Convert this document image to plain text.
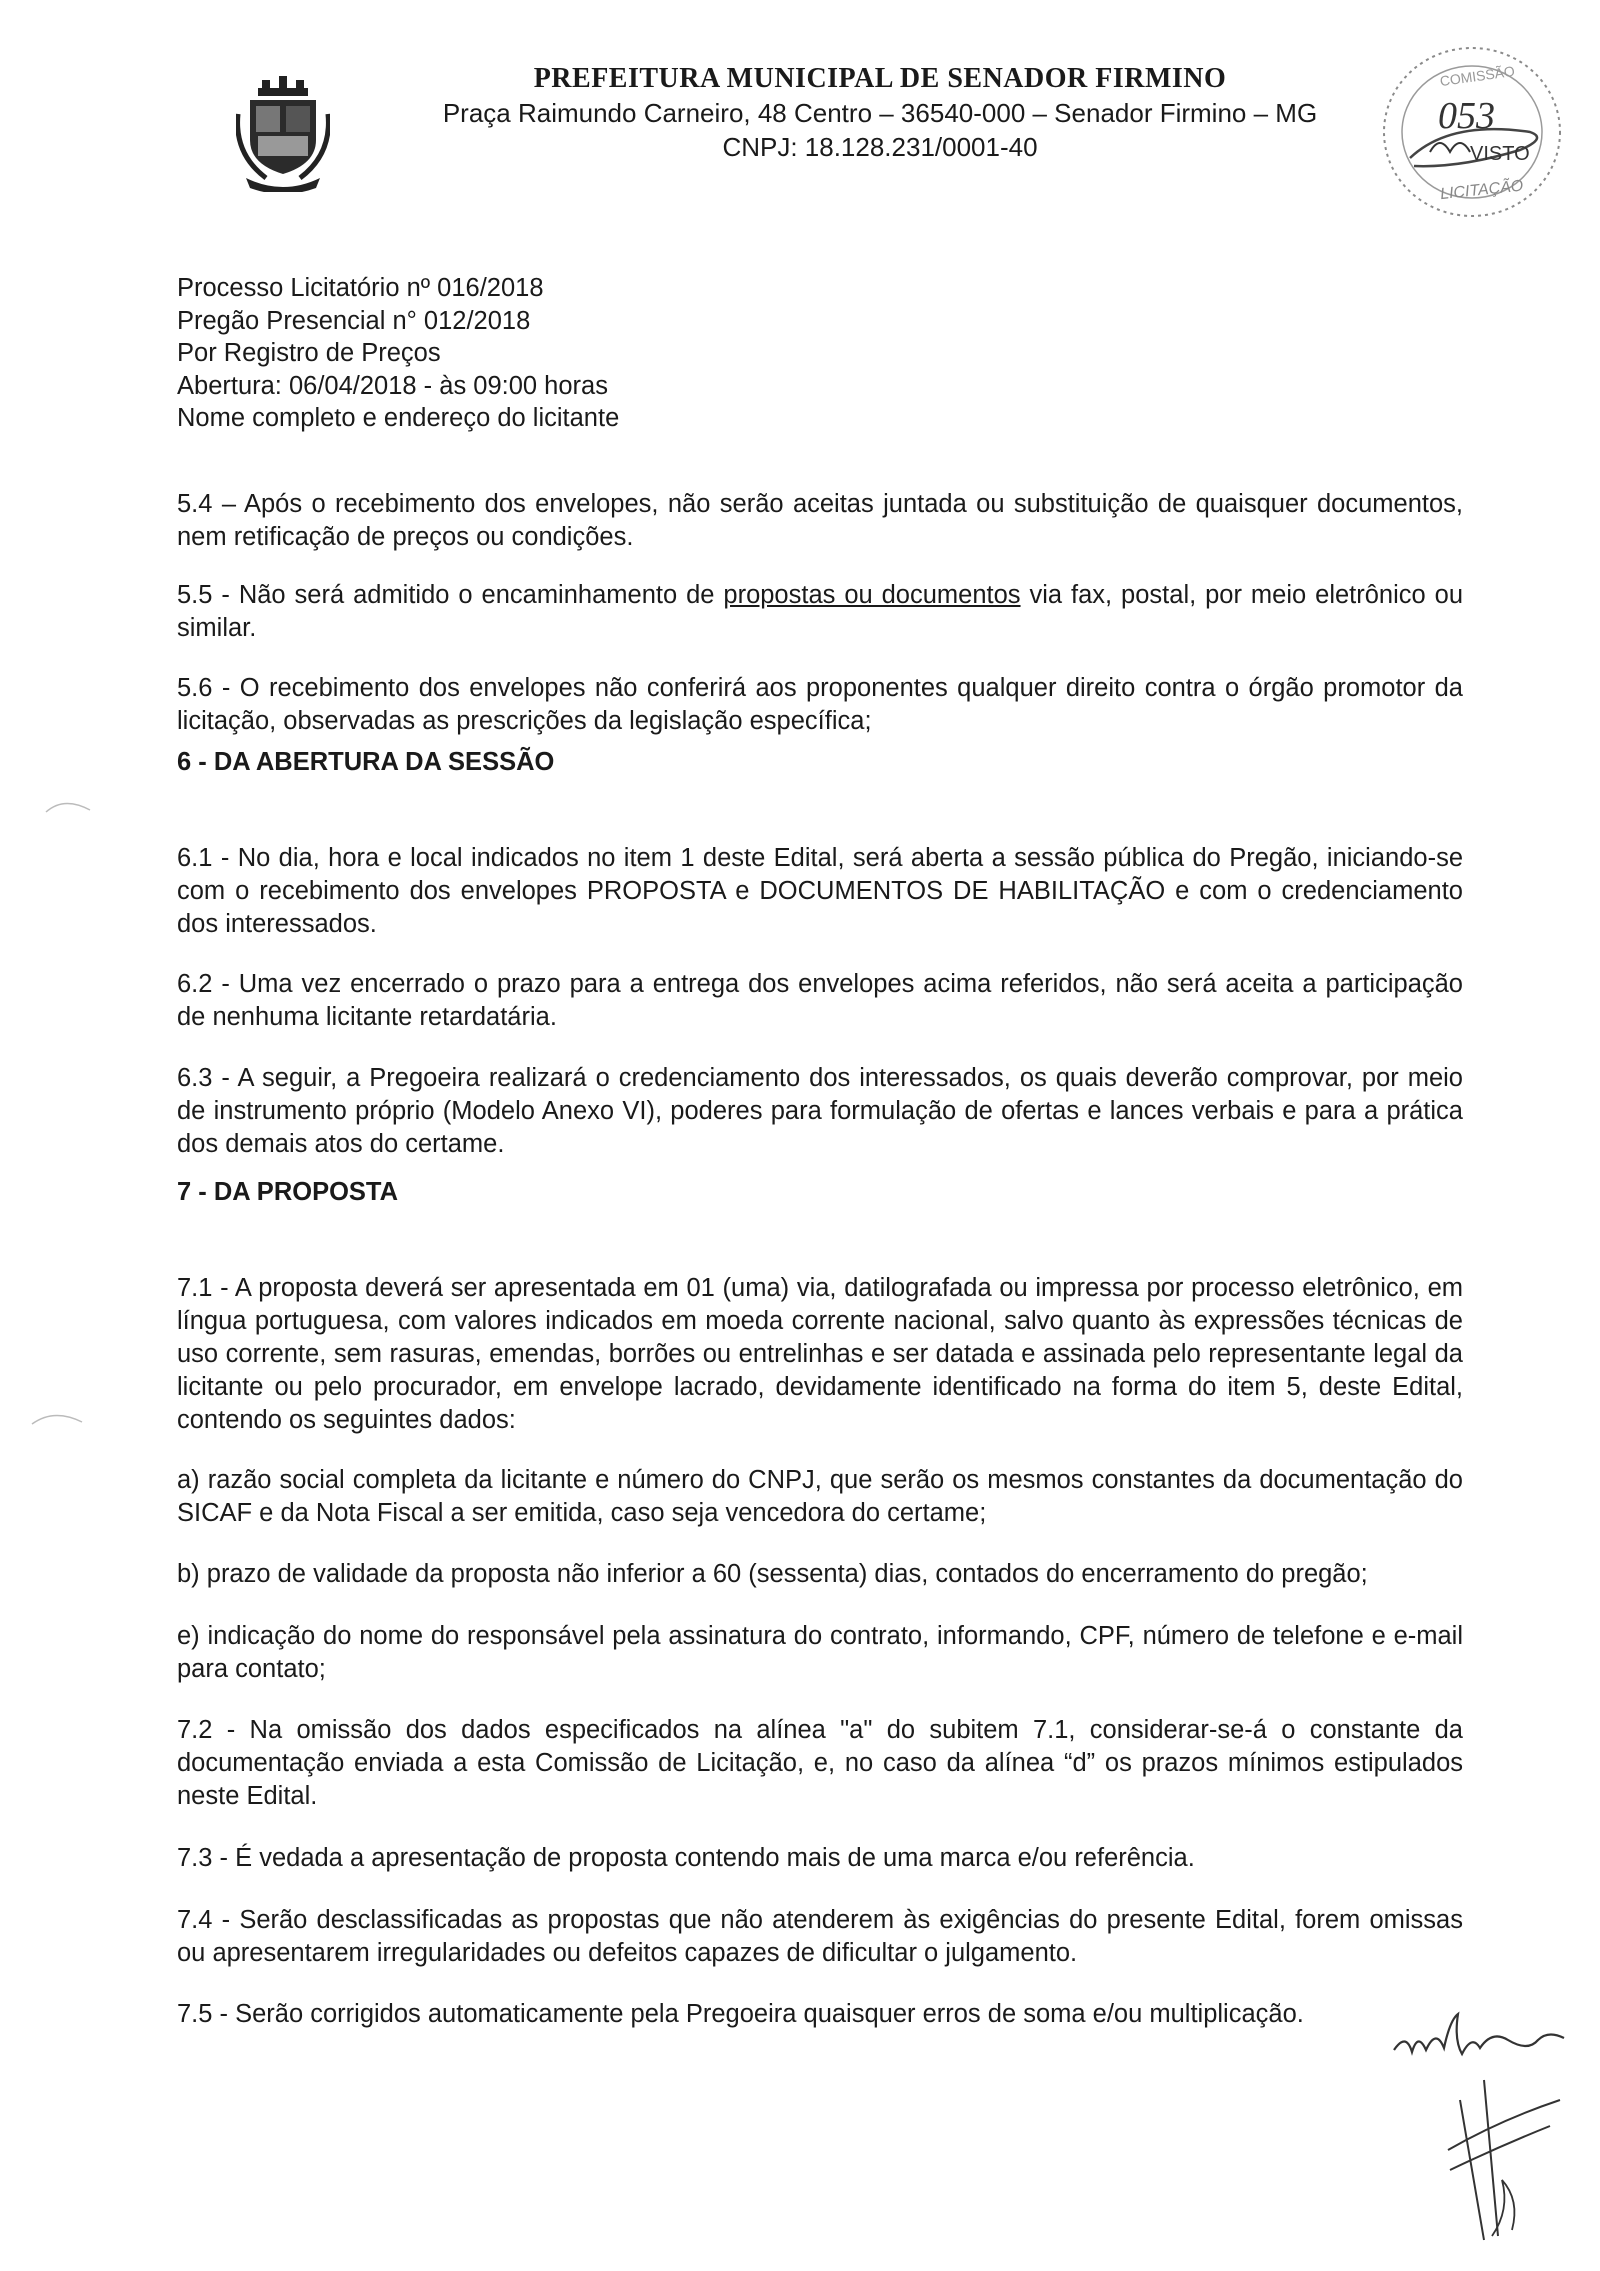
PREFEITURA MUNICIPAL DE SENADOR FIRMINO
Praça Raimundo Carneiro, 48 Centro – 36540-000 – Senador Firmino – MG
CNPJ: 18.128.231/0001-40
COMISSÃO
053
VISTO
LICITAÇÃO
Processo Licitatório nº 016/2018
Pregão Presencial n° 012/2018
Por Registro de Preços
Abertura: 06/04/2018 - às 09:00 horas
Nome completo e endereço do licitante

5.4 – Após o recebimento dos envelopes, não serão aceitas juntada ou substituição de quaisquer documentos, nem retificação de preços ou condições.

5.5 - Não será admitido o encaminhamento de propostas ou documentos via fax, postal, por meio eletrônico ou similar.

5.6 - O recebimento dos envelopes não conferirá aos proponentes qualquer direito contra o órgão promotor da licitação, observadas as prescrições da legislação específica;

6 - DA ABERTURA DA SESSÃO

6.1 - No dia, hora e local indicados no item 1 deste Edital, será aberta a sessão pública do Pregão, iniciando-se com o recebimento dos envelopes PROPOSTA e DOCUMENTOS DE HABILITAÇÃO e com o credenciamento dos interessados.

6.2 - Uma vez encerrado o prazo para a entrega dos envelopes acima referidos, não será aceita a participação de nenhuma licitante retardatária.

6.3 - A seguir, a Pregoeira realizará o credenciamento dos interessados, os quais deverão comprovar, por meio de instrumento próprio (Modelo Anexo VI), poderes para formulação de ofertas e lances verbais e para a prática dos demais atos do certame.

7 - DA PROPOSTA

7.1 - A proposta deverá ser apresentada em 01 (uma) via, datilografada ou impressa por processo eletrônico, em língua portuguesa, com valores indicados em moeda corrente nacional, salvo quanto às expressões técnicas de uso corrente, sem rasuras, emendas, borrões ou entrelinhas e ser datada e assinada pelo representante legal da licitante ou pelo procurador, em envelope lacrado, devidamente identificado na forma do item 5, deste Edital, contendo os seguintes dados:

a) razão social completa da licitante e número do CNPJ, que serão os mesmos constantes da documentação do SICAF e da Nota Fiscal a ser emitida, caso seja vencedora do certame;

b) prazo de validade da proposta não inferior a 60 (sessenta) dias, contados do encerramento do pregão;

e) indicação do nome do responsável pela assinatura do contrato, informando, CPF, número de telefone e e-mail para contato;

7.2 - Na omissão dos dados especificados na alínea "a" do subitem 7.1, considerar-se-á o constante da documentação enviada a esta Comissão de Licitação, e, no caso da alínea “d” os prazos mínimos estipulados neste Edital.

7.3 - É vedada a apresentação de proposta contendo mais de uma marca e/ou referência.

7.4 - Serão desclassificadas as propostas que não atenderem às exigências do presente Edital, forem omissas ou apresentarem irregularidades ou defeitos capazes de dificultar o julgamento.

7.5 - Serão corrigidos automaticamente pela Pregoeira quaisquer erros de soma e/ou multiplicação.
